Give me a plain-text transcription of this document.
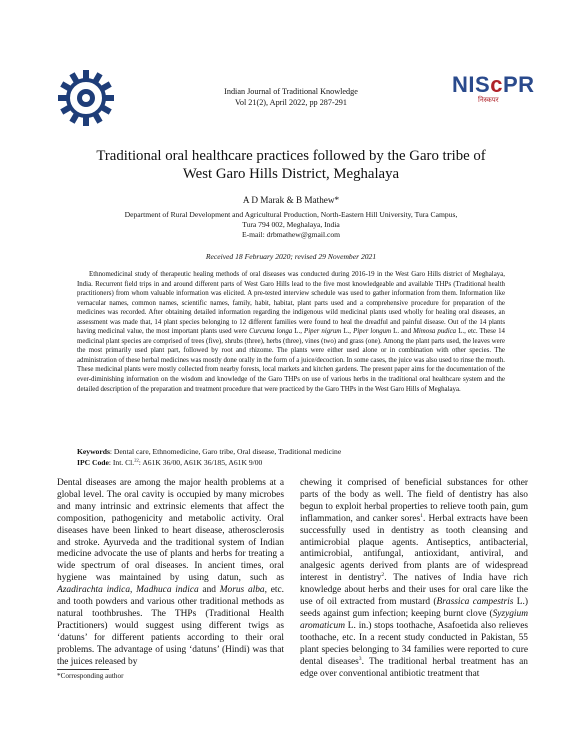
NIScPR
निस्कपर
Indian Journal of Traditional Knowledge
Vol 21(2), April 2022, pp 287-291
Traditional oral healthcare practices followed by the Garo tribe of
West Garo Hills District, Meghalaya
A D Marak & B Mathew*
Department of Rural Development and Agricultural Production, North-Eastern Hill University, Tura Campus,
Tura 794 002, Meghalaya, India
E-mail: drbmathew@gmail.com
Received 18 February 2020; revised 29 November 2021

Ethnomedicinal study of therapeutic healing methods of oral diseases was conducted during 2016-19 in the West Garo Hills district of Meghalaya, India. Recurrent field trips in and around different parts of West Garo Hills lead to the five most knowledgeable and available THPs (Traditional health practitioners) from whom valuable information was elicited. A pre-tested interview schedule was used to gather information from them. Information like vernacular names, common names, scientific names, family, habit, habitat, plant parts used and a comprehensive procedure for preparation of the medicines was recorded. After obtaining detailed information regarding the indigenous wild medicinal plants used wholly for healing oral diseases, an assessment was made that, 14 plant species belonging to 12 different families were found to heal the dreadful and painful disease. Out of the 14 plants having medicinal value, the most important plants used were Curcuma longa L., Piper nigrum L., Piper longum L. and Mimosa pudica L., etc. These 14 medicinal plant species are comprised of trees (five), shrubs (three), herbs (three), vines (two) and grass (one). Among the plant parts used, the leaves were the most primarily used plant part, followed by root and rhizome. The plants were either used alone or in combination with other species. The administration of these herbal medicines was mostly done orally in the form of a juice/decoction. In some cases, the juice was also used to rinse the mouth. These medicinal plants were mostly collected from nearby forests, local markets and kitchen gardens. The present paper aims for the documentation of the ever-diminishing information on the wisdom and knowledge of the Garo THPs on use of various herbs in the traditional oral healthcare system and the detailed description of the preparation and treatment procedure that were practiced by the Garo THPs in the West Garo Hills of Meghalaya.

Keywords: Dental care, Ethnomedicine, Garo tribe, Oral disease, Traditional medicine
IPC Code: Int. Cl.$^{22}$: A61K 36/00, A61K 36/185, A61K 9/00

Dental diseases are among the major health problems at a global level. The oral cavity is occupied by many microbes and many intrinsic and extrinsic elements that affect the composition, pathogenicity and metabolic activity. Oral diseases have been linked to heart disease, atherosclerosis and stroke. Ayurveda and the traditional system of Indian medicine advocate the use of plants and herbs for treating a wide spectrum of oral diseases. In ancient times, oral hygiene was maintained by using datun, such as Azadirachta indica, Madhuca indica and Morus alba, etc. and tooth powders and various other traditional methods as natural toothbrushes. The THPs (Traditional Health Practitioners) would suggest using different twigs as ‘datuns’ for different patients according to their oral problems. The advantage of using ‘datuns’ (Hindi) was that the juices released by

chewing it comprised of beneficial substances for other parts of the body as well. The field of dentistry has also begun to exploit herbal properties to relieve tooth pain, gum inflammation, and canker sores$^1$. Herbal extracts have been successfully used in dentistry as tooth cleansing and antimicrobial plaque agents. Antiseptics, antibacterial, antimicrobial, antifungal, antioxidant, antiviral, and analgesic agents derived from plants are of widespread interest in dentistry$^2$. The natives of India have rich knowledge about herbs and their uses for oral care like the use of oil extracted from mustard (Brassica campestris L.) seeds against gum infection; keeping burnt clove (Syzygium aromaticum L. in.) stops toothache, Asafoetida also relieves toothache, etc. In a recent study conducted in Pakistan, 55 plant species belonging to 34 families were reported to cure dental diseases$^3$. The traditional herbal treatment has an edge over conventional antibiotic treatment that

*Corresponding author
